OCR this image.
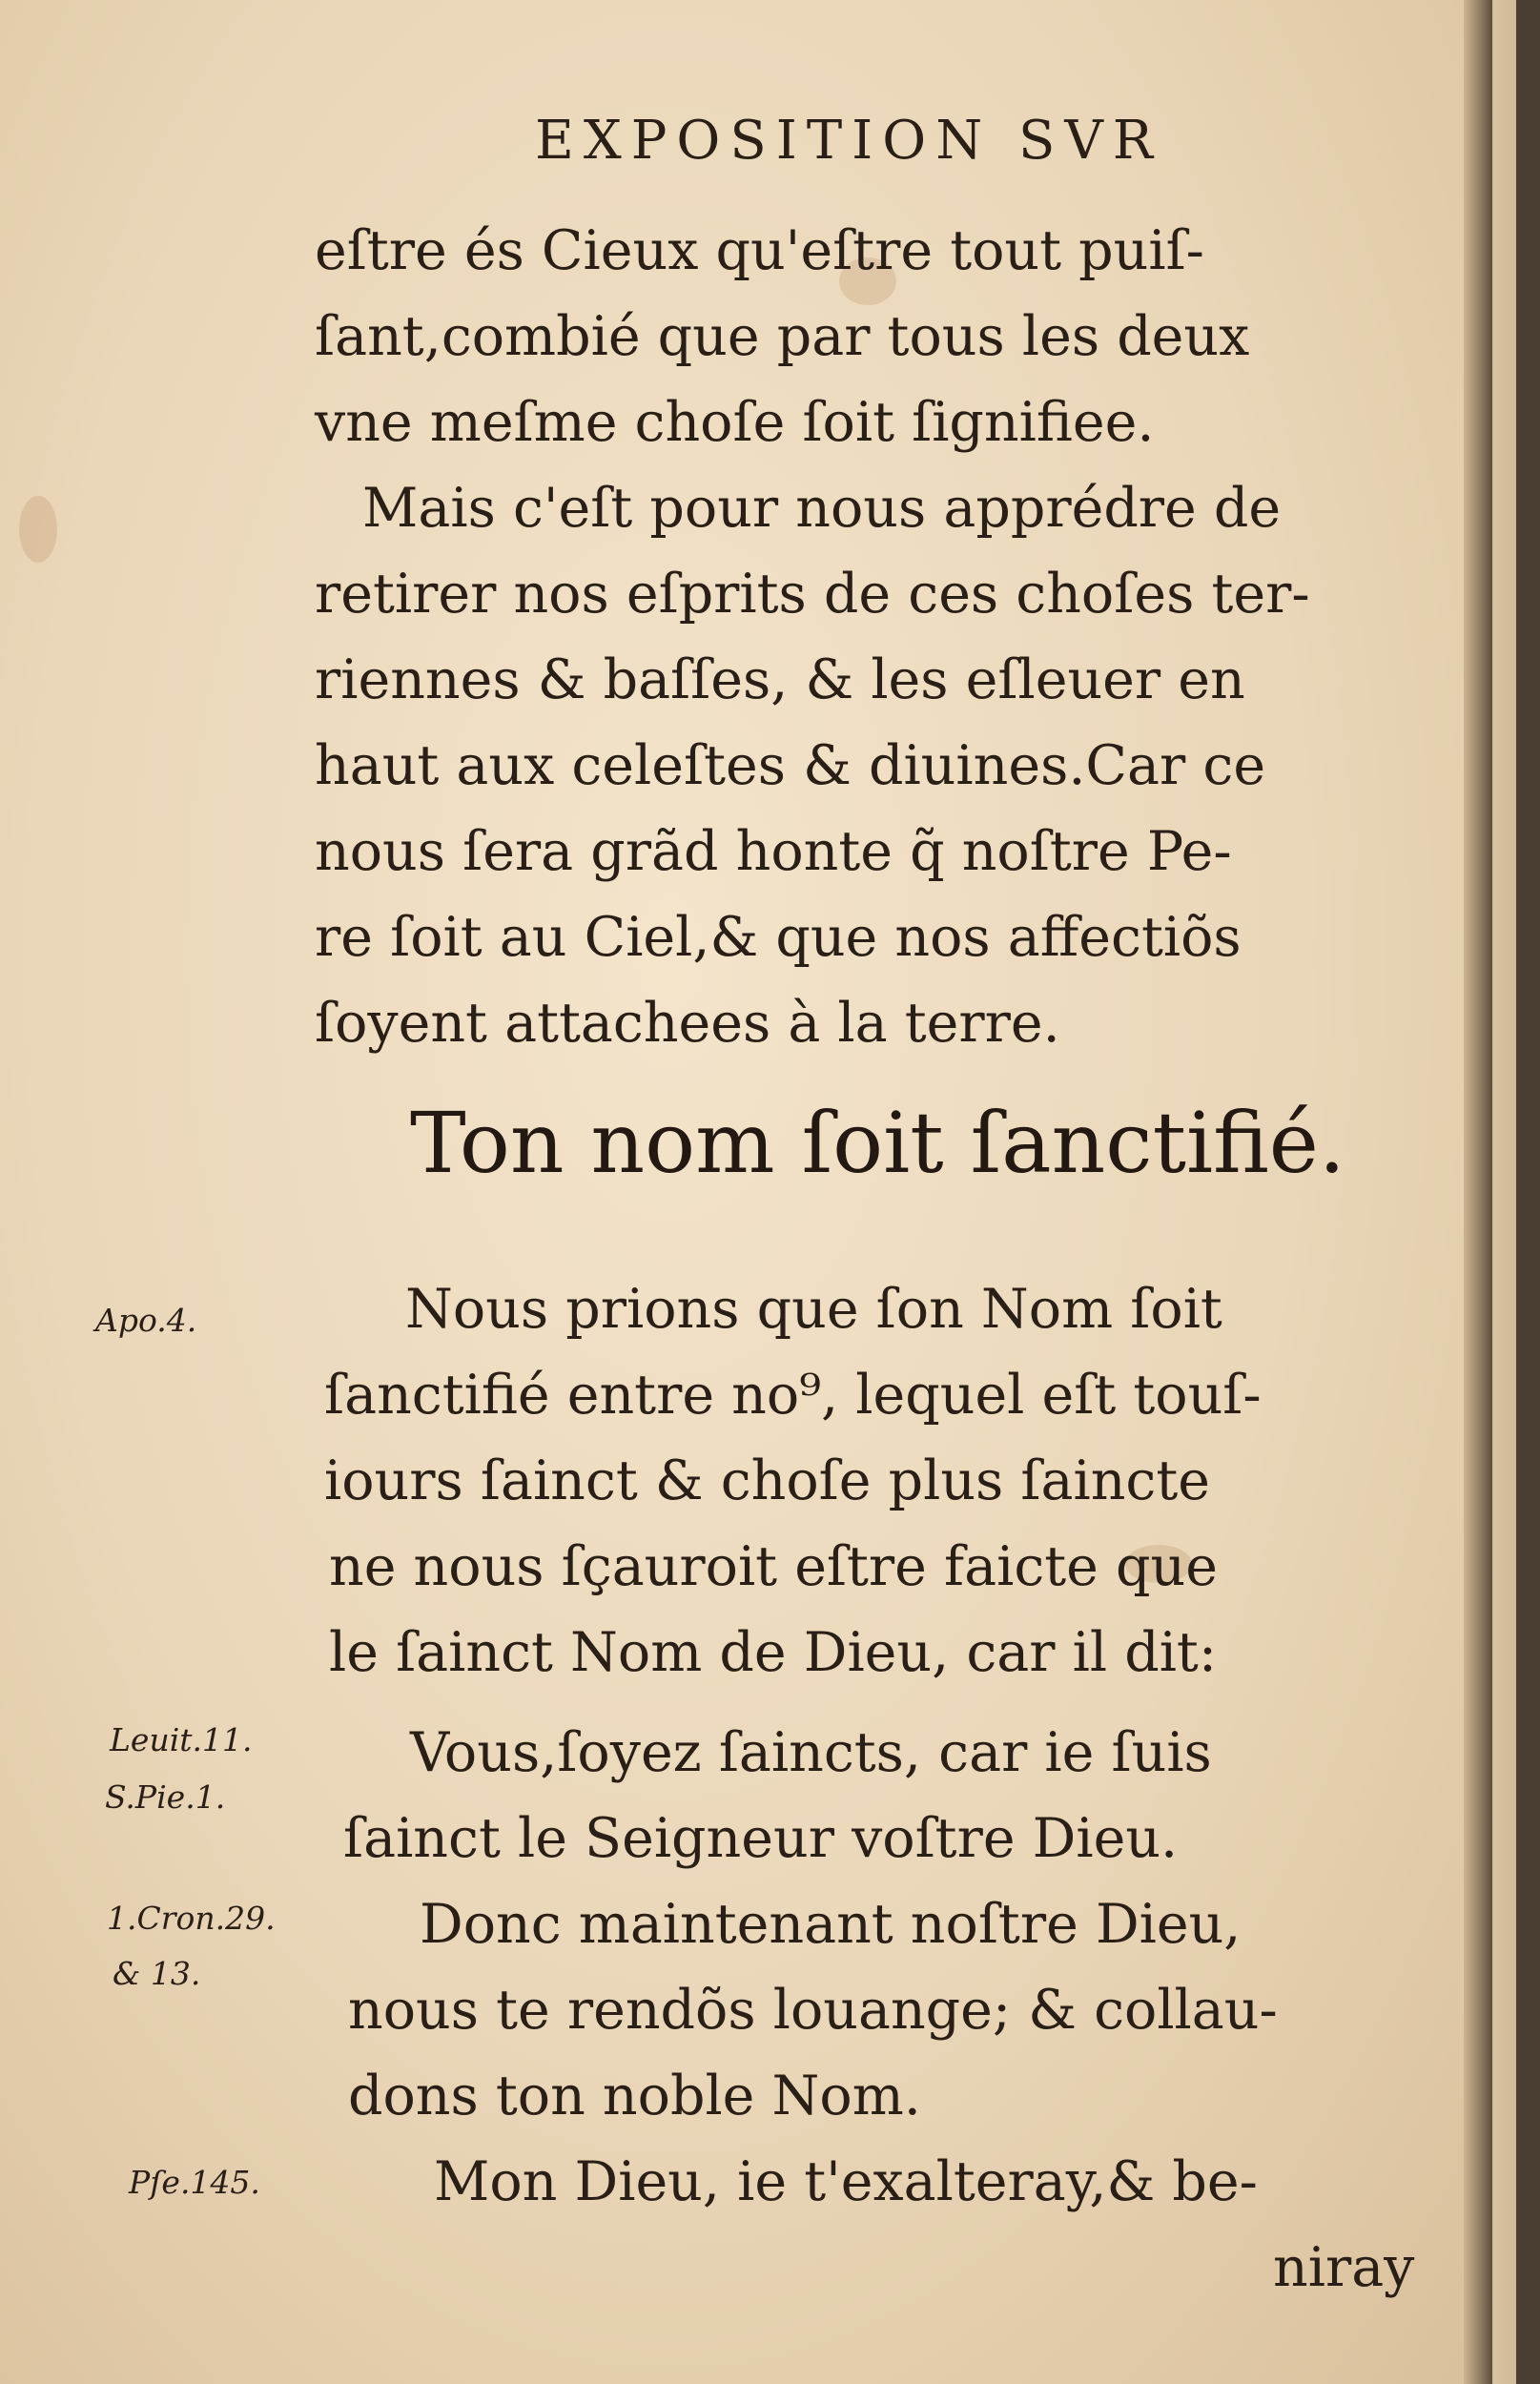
EXPOSITION SVR
eſtre és Cieux qu'eſtre tout puiſ-
ſant,combié que par tous les deux
vne meſme choſe ſoit ſignifiee.
Mais c'eſt pour nous apprédre de
retirer nos eſprits de ces choſes ter-
riennes & baſſes, & les eſleuer en
haut aux celeſtes & diuines.Car ce
nous ſera grãd honte q̃ noſtre Pe-
re ſoit au Ciel,& que nos affectiõs
ſoyent attachees à la terre.
Ton nom ſoit ſanctifié.
Nous prions que ſon Nom ſoit
ſanctifié entre no⁹, lequel eſt touſ-
iours ſainct & choſe plus ſaincte
ne nous ſçauroit eſtre faicte que
le ſainct Nom de Dieu, car il dit:
Vous,ſoyez ſaincts, car ie ſuis
ſainct le Seigneur voſtre Dieu.
Donc maintenant noſtre Dieu,
nous te rendõs louange; & collau-
dons ton noble Nom.
Mon Dieu, ie t'exalteray,& be-
niray
Apo.4.
Leuit.11.
S.Pie.1.
1.Cron.29.
& 13.
Pſe.145.
